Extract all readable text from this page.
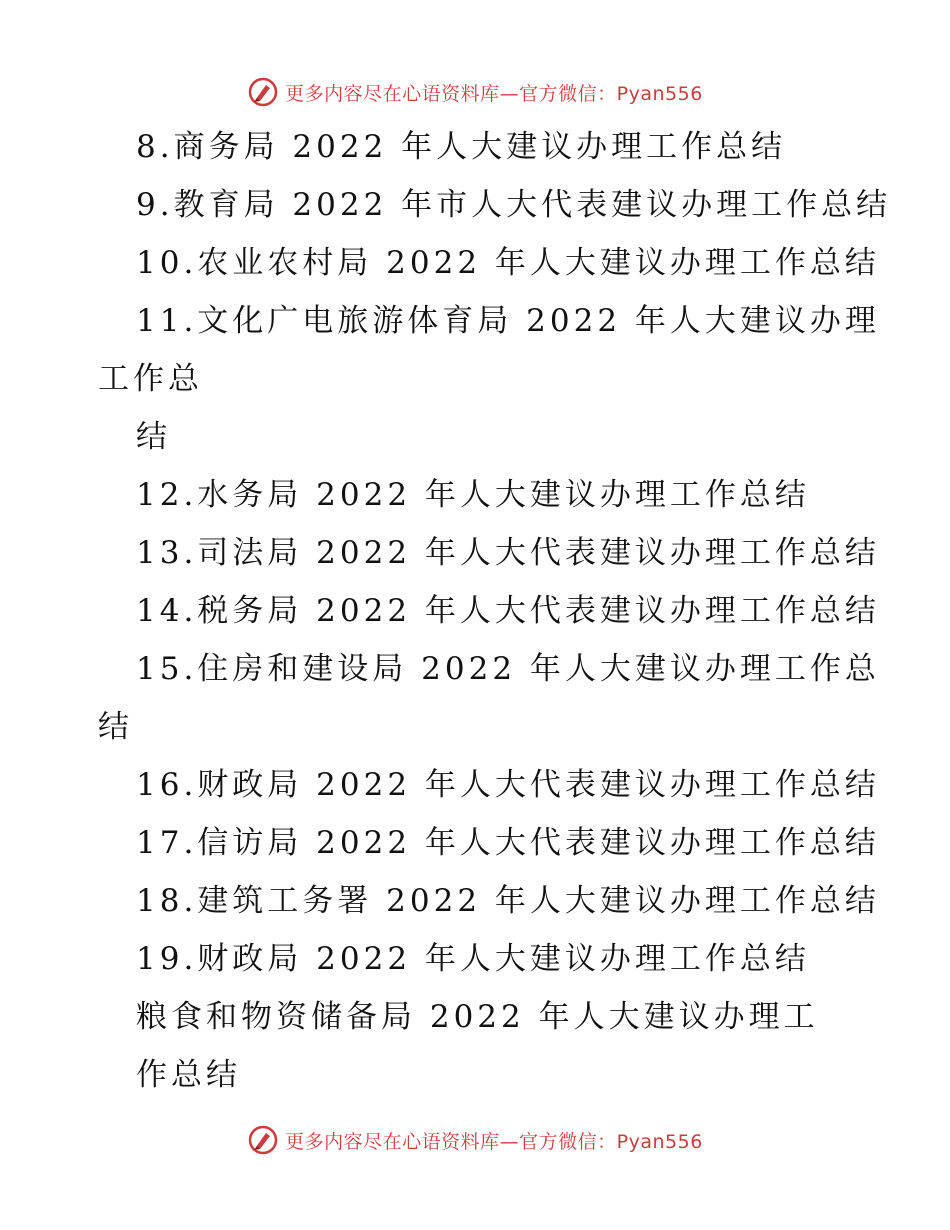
更多内容尽在心语资料库—官方微信：Pyan556
8.商务局 2022 年人大建议办理工作总结
9.教育局 2022 年市人大代表建议办理工作总结
10.农业农村局 2022 年人大建议办理工作总结
11.文化广电旅游体育局 2022 年人大建议办理
工作总
结
12.水务局 2022 年人大建议办理工作总结
13.司法局 2022 年人大代表建议办理工作总结
14.税务局 2022 年人大代表建议办理工作总结
15.住房和建设局 2022 年人大建议办理工作总
结
16.财政局 2022 年人大代表建议办理工作总结
17.信访局 2022 年人大代表建议办理工作总结
18.建筑工务署 2022 年人大建议办理工作总结
19.财政局 2022 年人大建议办理工作总结
粮食和物资储备局 2022 年人大建议办理工
作总结
更多内容尽在心语资料库—官方微信：Pyan556
